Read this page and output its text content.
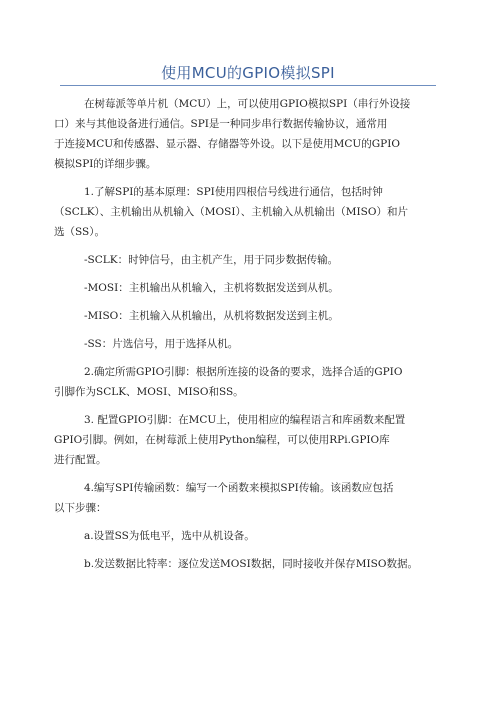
使用MCU的GPIO模拟SPI
在树莓派等单片机（MCU）上，可以使用GPIO模拟SPI（串行外设接
口）来与其他设备进行通信。SPI是一种同步串行数据传输协议，通常用
于连接MCU和传感器、显示器、存储器等外设。以下是使用MCU的GPIO
模拟SPI的详细步骤。
1.了解SPI的基本原理：SPI使用四根信号线进行通信，包括时钟
（SCLK）、主机输出从机输入（MOSI）、主机输入从机输出（MISO）和片
选（SS）。
-SCLK：时钟信号，由主机产生，用于同步数据传输。
-MOSI：主机输出从机输入，主机将数据发送到从机。
-MISO：主机输入从机输出，从机将数据发送到主机。
-SS：片选信号，用于选择从机。
2.确定所需GPIO引脚：根据所连接的设备的要求，选择合适的GPIO
引脚作为SCLK、MOSI、MISO和SS。
3. 配置GPIO引脚：在MCU上，使用相应的编程语言和库函数来配置
GPIO引脚。例如，在树莓派上使用Python编程，可以使用RPi.GPIO库
进行配置。
4.编写SPI传输函数：编写一个函数来模拟SPI传输。该函数应包括
以下步骤：
a.设置SS为低电平，选中从机设备。
b.发送数据比特率：逐位发送MOSI数据，同时接收并保存MISO数据。
